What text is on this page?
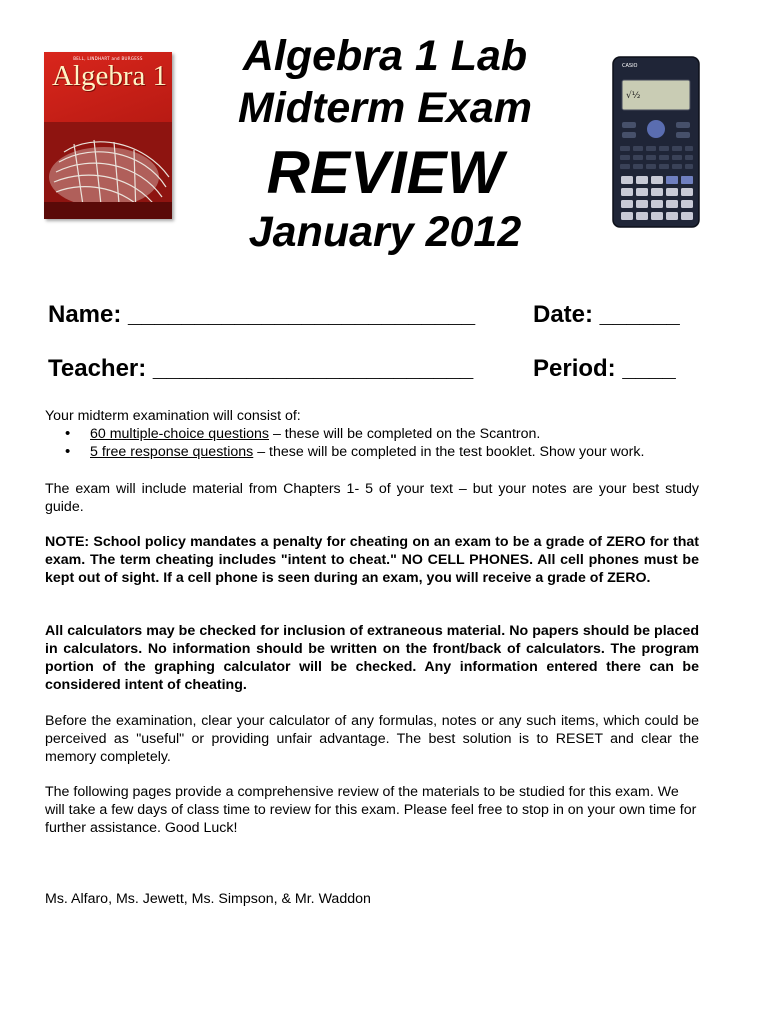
BELL, LINDHART and BURGESS
Algebra 1	Algebra 1 Lab
Midterm Exam
REVIEW
January 2012
CASIO
√½
Name: __________________________ Date: ______
Teacher: ________________________ Period: ____

Your midterm examination will consist of:

• 60 multiple-choice questions – these will be completed on the Scantron.
• 5 free response questions – these will be completed in the test booklet. Show your work.
The exam will include material from Chapters 1- 5 of your text – but your notes are your best study guide.
NOTE: School policy mandates a penalty for cheating on an exam to be a grade of ZERO for that exam. The term cheating includes "intent to cheat." NO CELL PHONES. All cell phones must be kept out of sight. If a cell phone is seen during an exam, you will receive a grade of ZERO.
All calculators may be checked for inclusion of extraneous material. No papers should be placed in calculators. No information should be written on the front/back of calculators. The program portion of the graphing calculator will be checked. Any information entered there can be considered intent of cheating.
Before the examination, clear your calculator of any formulas, notes or any such items, which could be perceived as "useful" or providing unfair advantage. The best solution is to RESET and clear the memory completely.
The following pages provide a comprehensive review of the materials to be studied for this exam. We will take a few days of class time to review for this exam. Please feel free to stop in on your own time for further assistance. Good Luck!
Ms. Alfaro, Ms. Jewett, Ms. Simpson, & Mr. Waddon
